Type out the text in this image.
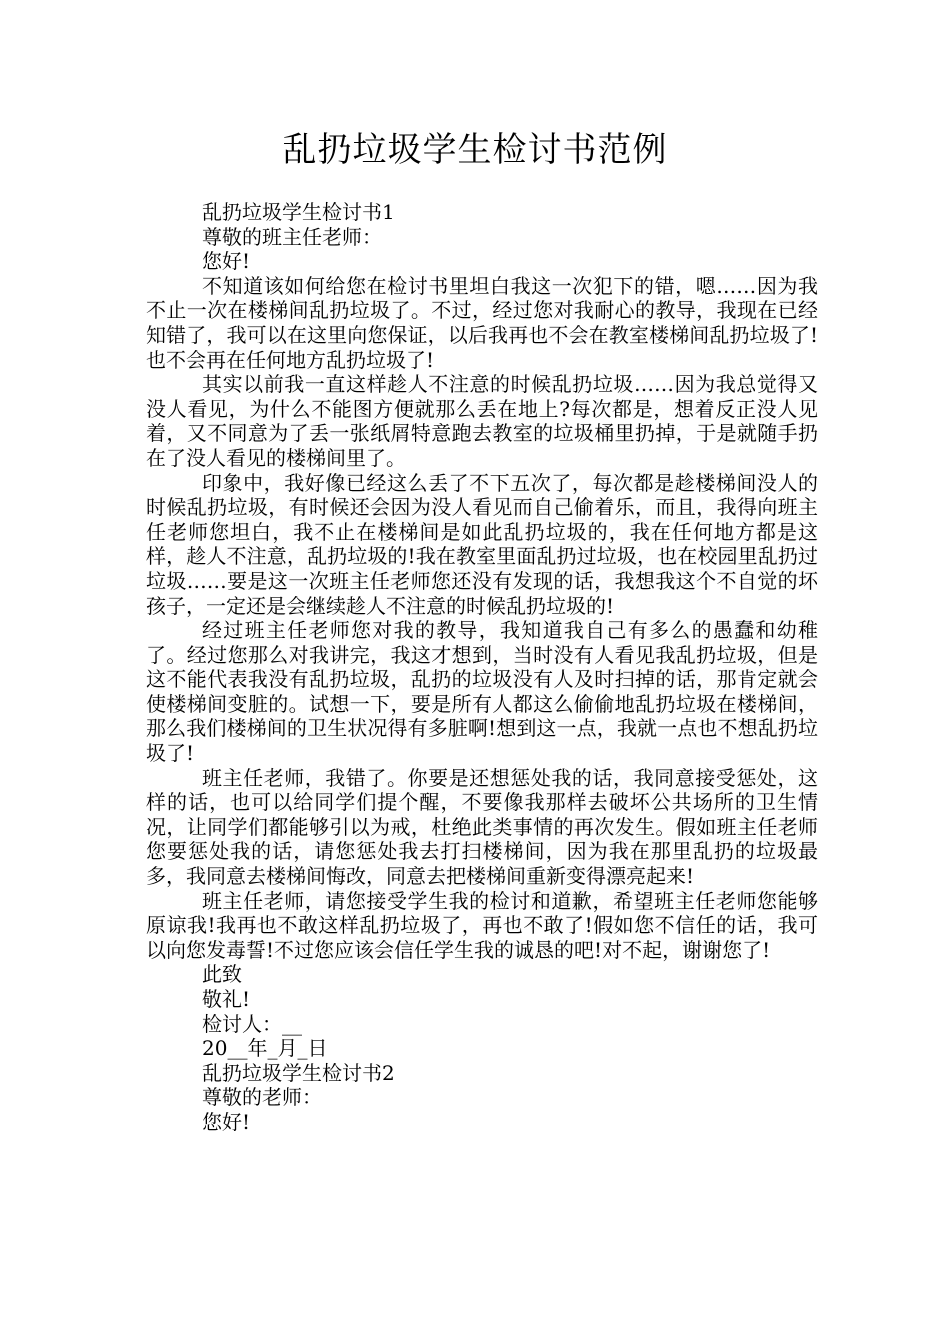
乱扔垃圾学生检讨书范例

乱扔垃圾学生检讨书1

尊敬的班主任老师：

您好!

不知道该如何给您在检讨书里坦白我这一次犯下的错，嗯……因为我不止一次在楼梯间乱扔垃圾了。不过，经过您对我耐心的教导，我现在已经知错了，我可以在这里向您保证，以后我再也不会在教室楼梯间乱扔垃圾了!也不会再在任何地方乱扔垃圾了!

其实以前我一直这样趁人不注意的时候乱扔垃圾……因为我总觉得又没人看见，为什么不能图方便就那么丢在地上?每次都是，想着反正没人见着，又不同意为了丢一张纸屑特意跑去教室的垃圾桶里扔掉，于是就随手扔在了没人看见的楼梯间里了。

印象中，我好像已经这么丢了不下五次了，每次都是趁楼梯间没人的时候乱扔垃圾，有时候还会因为没人看见而自己偷着乐，而且，我得向班主任老师您坦白，我不止在楼梯间是如此乱扔垃圾的，我在任何地方都是这样，趁人不注意，乱扔垃圾的!我在教室里面乱扔过垃圾，也在校园里乱扔过垃圾……要是这一次班主任老师您还没有发现的话，我想我这个不自觉的坏孩子，一定还是会继续趁人不注意的时候乱扔垃圾的!

经过班主任老师您对我的教导，我知道我自己有多么的愚蠢和幼稚了。经过您那么对我讲完，我这才想到，当时没有人看见我乱扔垃圾，但是这不能代表我没有乱扔垃圾，乱扔的垃圾没有人及时扫掉的话，那肯定就会使楼梯间变脏的。试想一下，要是所有人都这么偷偷地乱扔垃圾在楼梯间，那么我们楼梯间的卫生状况得有多脏啊!想到这一点，我就一点也不想乱扔垃圾了!

班主任老师，我错了。你要是还想惩处我的话，我同意接受惩处，这样的话，也可以给同学们提个醒，不要像我那样去破坏公共场所的卫生情况，让同学们都能够引以为戒，杜绝此类事情的再次发生。假如班主任老师您要惩处我的话，请您惩处我去打扫楼梯间，因为我在那里乱扔的垃圾最多，我同意去楼梯间悔改，同意去把楼梯间重新变得漂亮起来!

班主任老师，请您接受学生我的检讨和道歉，希望班主任老师您能够原谅我!我再也不敢这样乱扔垃圾了，再也不敢了!假如您不信任的话，我可以向您发毒誓!不过您应该会信任学生我的诚恳的吧!对不起，谢谢您了!

此致

敬礼!

检讨人：__

20__年_月_日

乱扔垃圾学生检讨书2

尊敬的老师：

您好!
